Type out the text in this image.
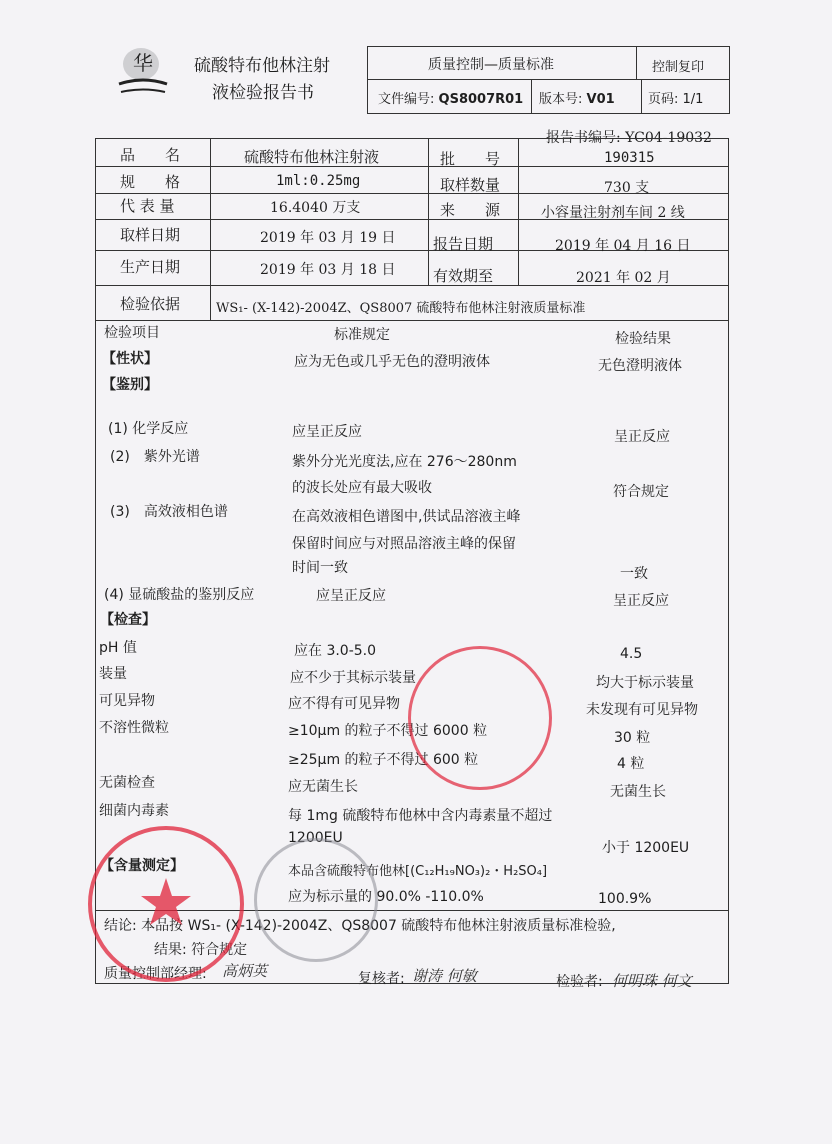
华 硫酸特布他林注射
液检验报告书
质量控制—质量标准	控制复印
文件编号: QS8007R01 版本号: V01	页码: 1/1
报告书编号: YC04-19032
品　　名	硫酸特布他林注射液	批　　号	190315
规　　格	1ml:0.25mg	取样数量	730 支
代 表 量	16.4040 万支	来　　源	小容量注射剂车间 2 线
取样日期	2019 年 03 月 19 日 报告日期	2019 年 04 月 16 日
生产日期	2019 年 03 月 18 日 有效期至	2021 年 02 月
检验依据	WS₁- (X-142)-2004Z、QS8007 硫酸特布他林注射液质量标准
检验项目	标准规定	检验结果
【性状】	应为无色或几乎无色的澄明液体	无色澄明液体
【鉴别】
(1) 化学反应	应呈正反应	呈正反应
(2)　紫外光谱	紫外分光光度法,应在 276～280nm
的波长处应有最大吸收	符合规定
(3)　高效液相色谱	在高效液相色谱图中,供试品溶液主峰
保留时间应与对照品溶液主峰的保留
时间一致	一致
(4) 显硫酸盐的鉴别反应	应呈正反应	呈正反应
【检查】
pH 值	应在 3.0-5.0	4.5
装量	应不少于其标示装量	均大于标示装量
可见异物	应不得有可见异物	未发现有可见异物
不溶性微粒	≥10μm 的粒子不得过 6000 粒	30 粒
≥25μm 的粒子不得过 600 粒	4 粒
无菌检查	应无菌生长	无菌生长
细菌内毒素	每 1mg 硫酸特布他林中含内毒素量不超过
1200EU
小于 1200EU
【含量测定】	本品含硫酸特布他林[(C₁₂H₁₉NO₃)₂・H₂SO₄]
应为标示量的 90.0% -110.0%	100.9%
结论: 本品按 WS₁- (X-142)-2004Z、QS8007 硫酸特布他林注射液质量标准检验,
结果: 符合规定
质量控制部经理: 高炳英	复核者: 谢涛 何敏	检验者: 何明珠 何文
